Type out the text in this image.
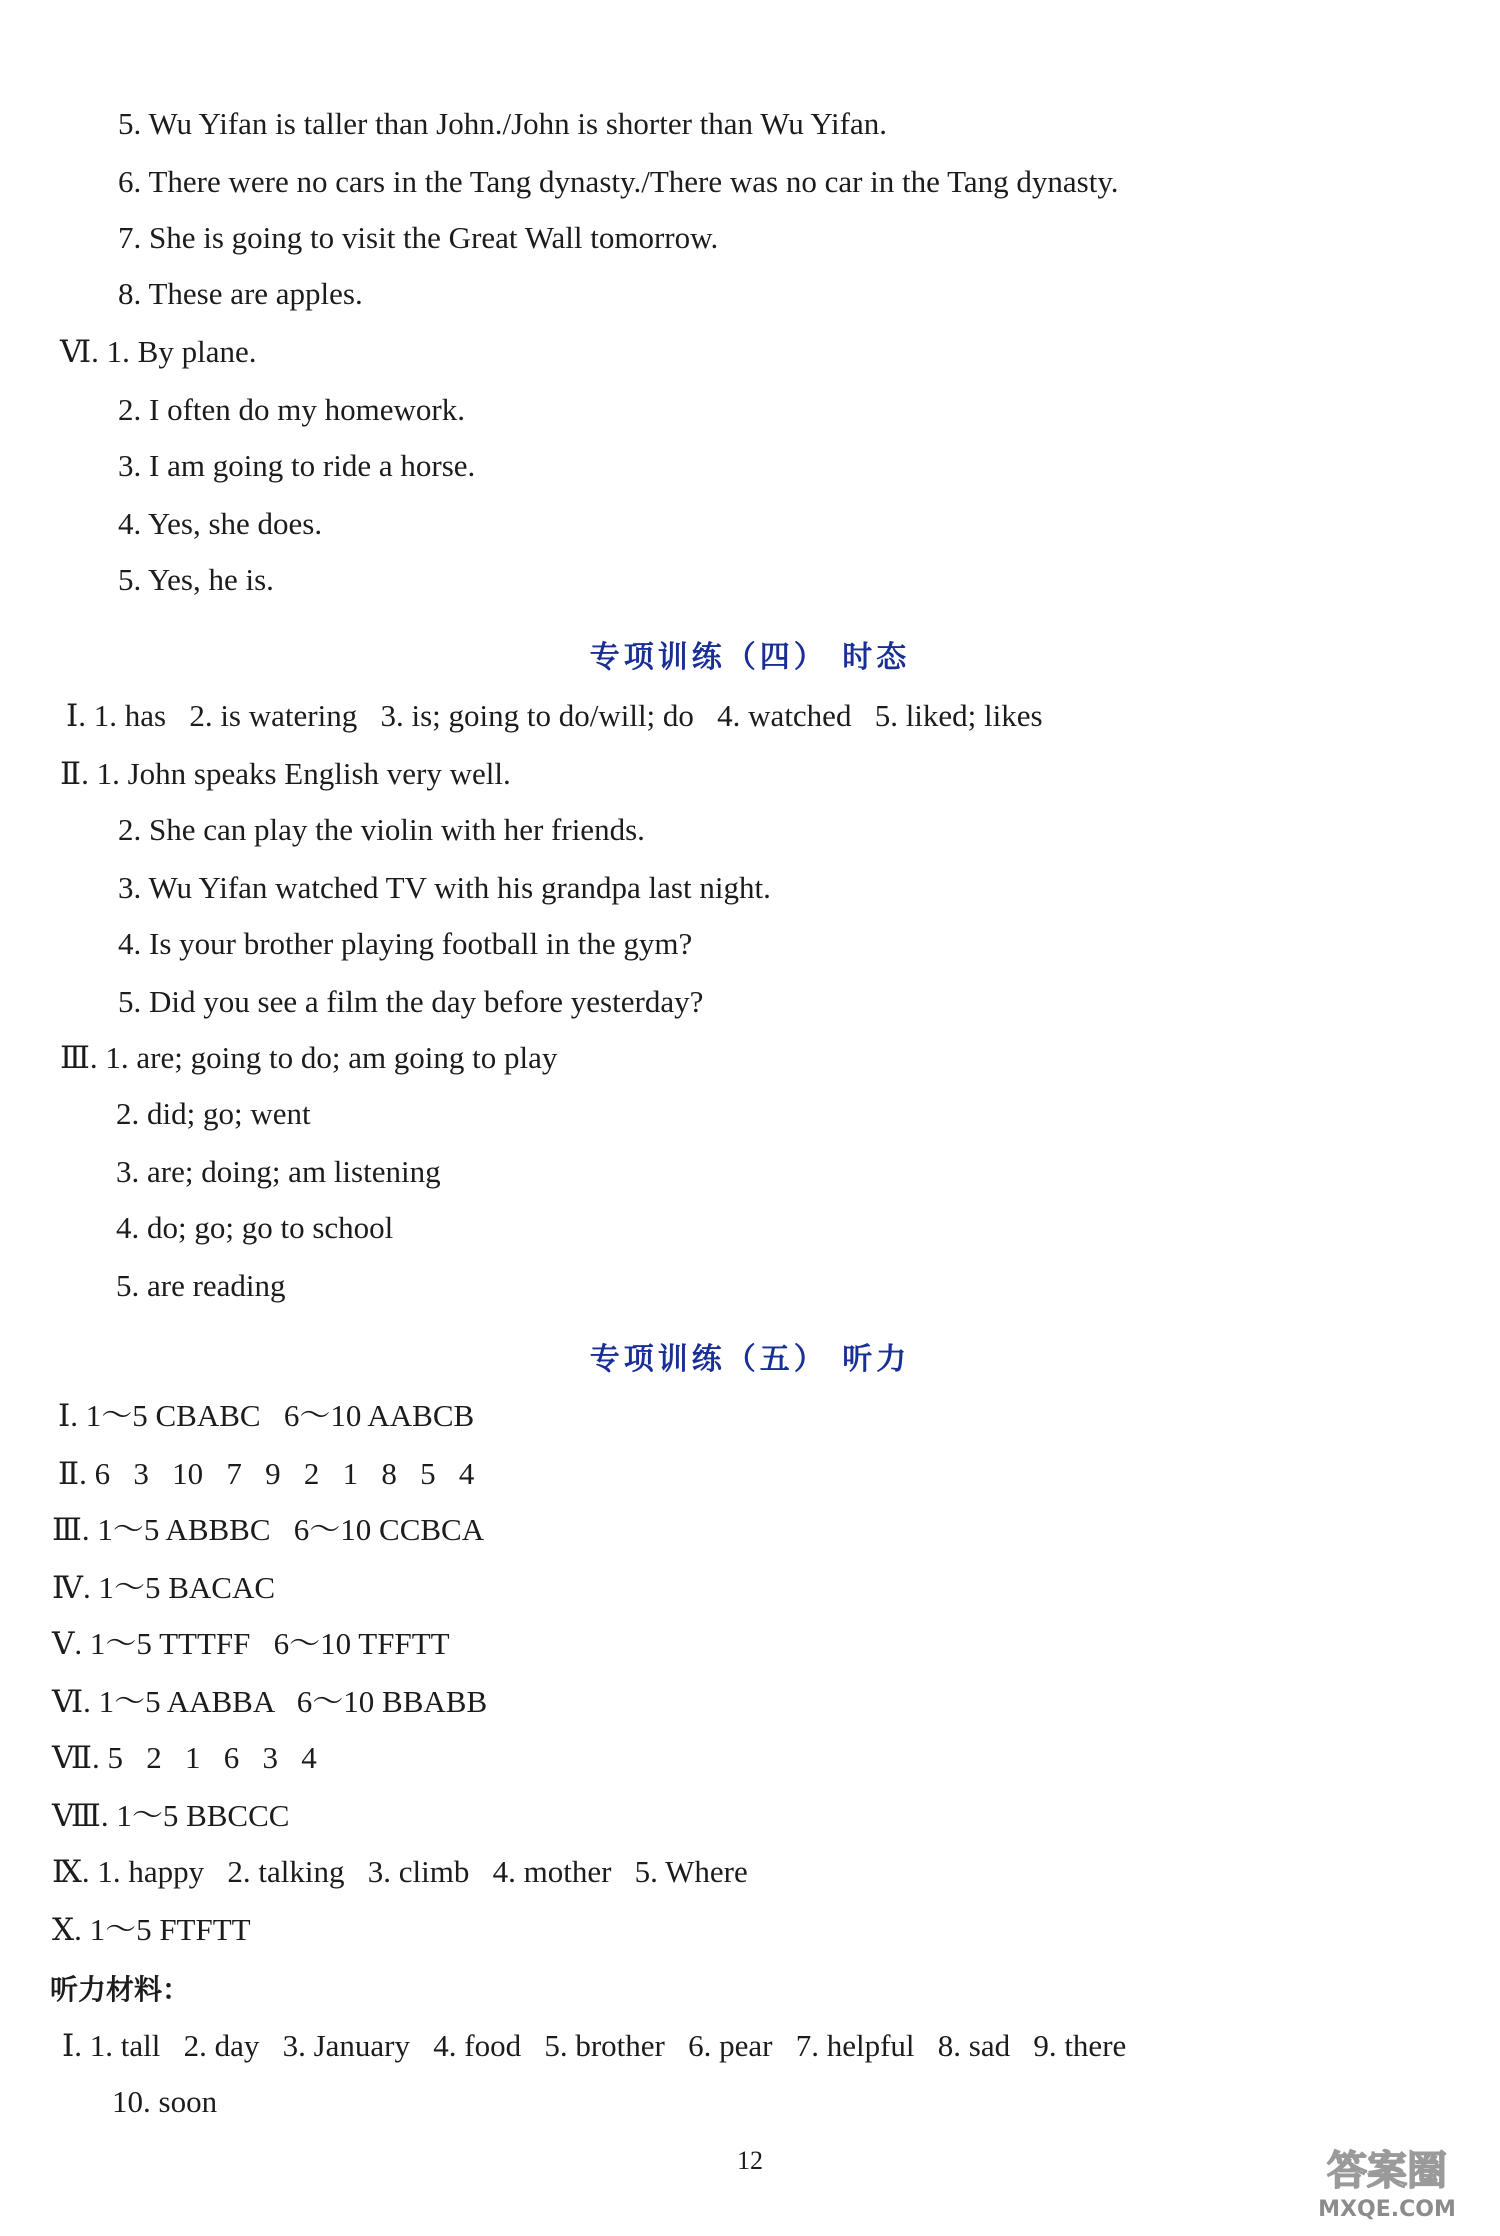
5. Wu Yifan is taller than John./John is shorter than Wu Yifan.
6. There were no cars in the Tang dynasty./There was no car in the Tang dynasty.
7. She is going to visit the Great Wall tomorrow.
8. These are apples.
Ⅵ. 1. By plane.
2. I often do my homework.
3. I am going to ride a horse.
4. Yes, she does.
5. Yes, he is.
专项训练（四） 时态
Ⅰ. 1. has   2. is watering   3. is; going to do/will; do   4. watched   5. liked; likes
Ⅱ. 1. John speaks English very well.
2. She can play the violin with her friends.
3. Wu Yifan watched TV with his grandpa last night.
4. Is your brother playing football in the gym?
5. Did you see a film the day before yesterday?
Ⅲ. 1. are; going to do; am going to play
2. did; go; went
3. are; doing; am listening
4. do; go; go to school
5. are reading
专项训练（五） 听力
Ⅰ. 1～5 CBABC   6～10 AABCB
Ⅱ. 6   3   10   7   9   2   1   8   5   4
Ⅲ. 1～5 ABBBC   6～10 CCBCA
Ⅳ. 1～5 BACAC
Ⅴ. 1～5 TTTFF   6～10 TFFTT
Ⅵ. 1～5 AABBA   6～10 BBABB
Ⅶ. 5   2   1   6   3   4
Ⅷ. 1～5 BBCCC
Ⅸ. 1. happy   2. talking   3. climb   4. mother   5. Where
Ⅹ. 1～5 FTFTT
听力材料：
Ⅰ. 1. tall   2. day   3. January   4. food   5. brother   6. pear   7. helpful   8. sad   9. there
10. soon
12	答案圈
MXQE.COM
